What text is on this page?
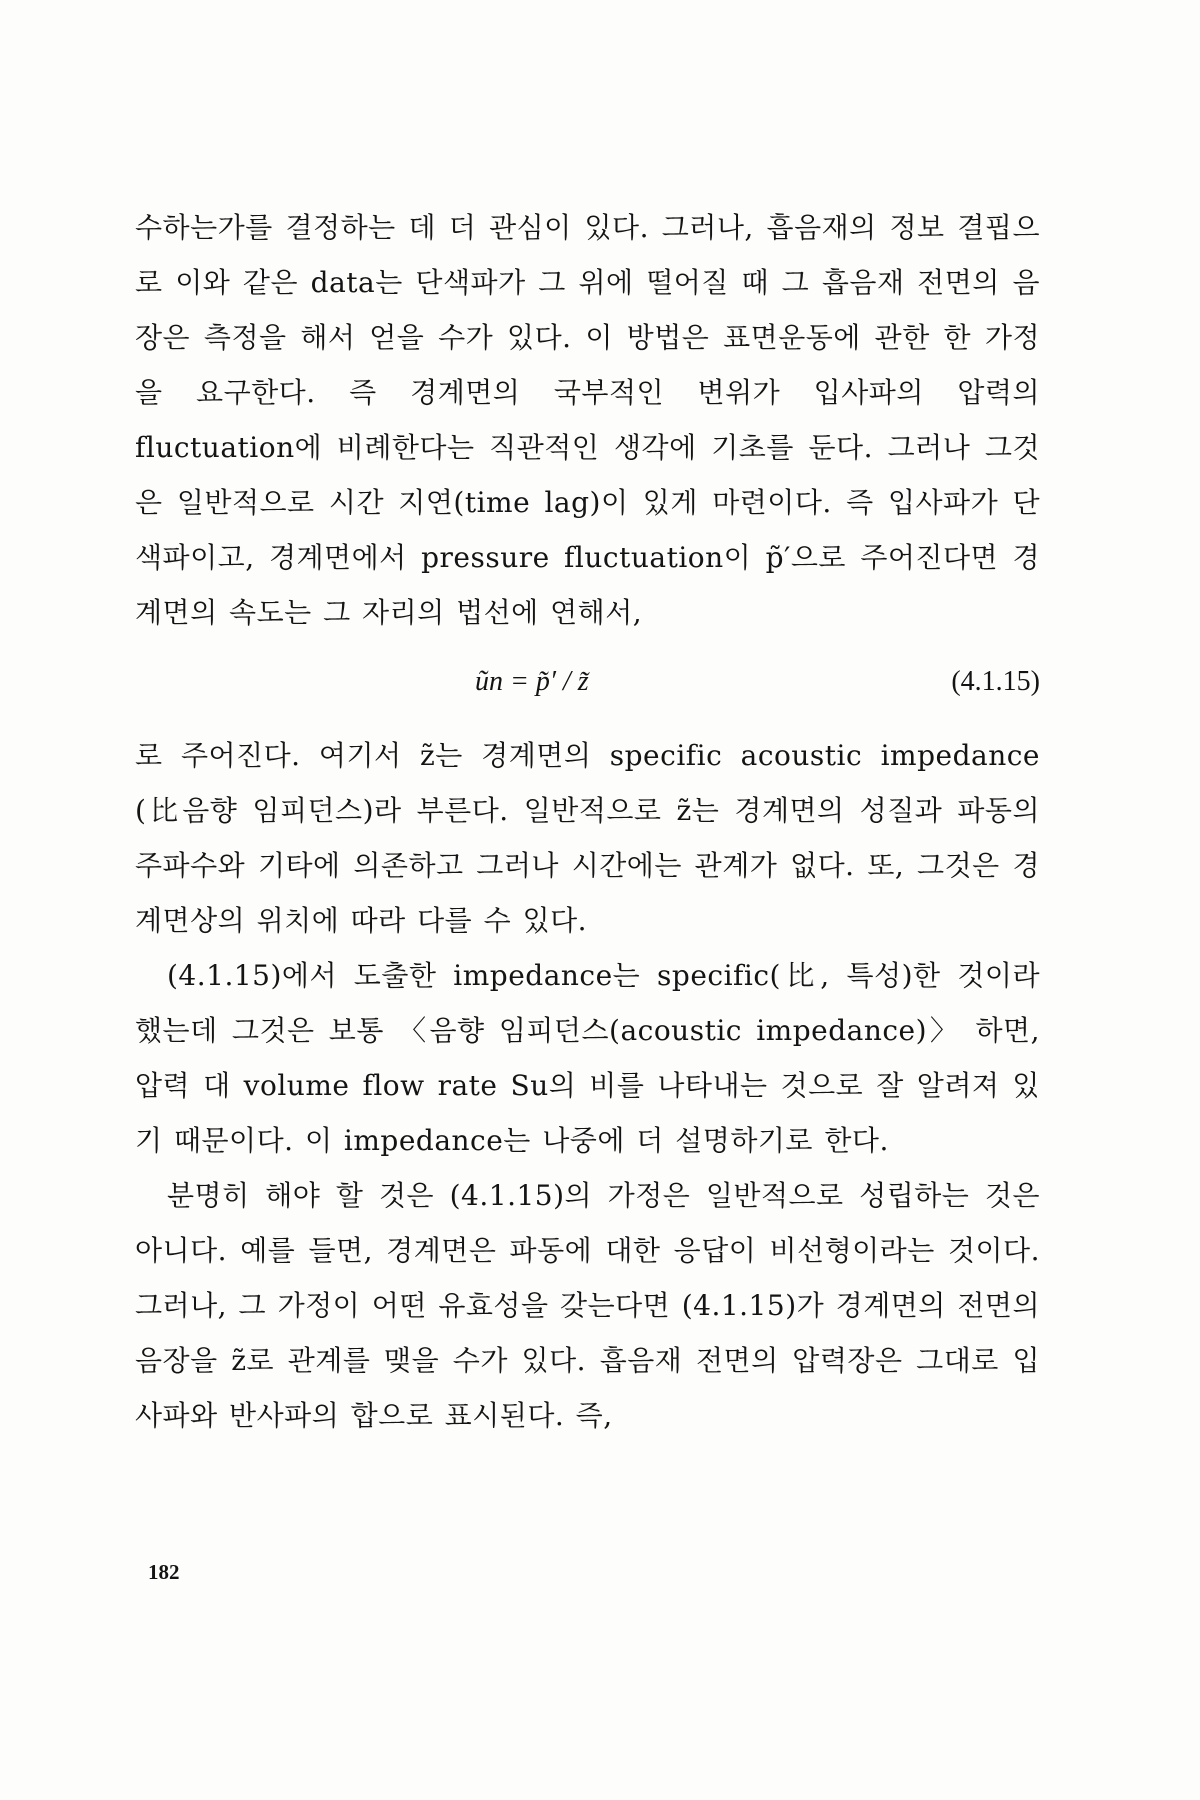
수하는가를 결정하는 데 더 관심이 있다. 그러나, 흡음재의 정보 결핍으로 이와 같은 data는 단색파가 그 위에 떨어질 때 그 흡음재 전면의 음장은 측정을 해서 얻을 수가 있다. 이 방법은 표면운동에 관한 한 가정을 요구한다. 즉 경계면의 국부적인 변위가 입사파의 압력의 fluctuation에 비례한다는 직관적인 생각에 기초를 둔다. 그러나 그것은 일반적으로 시간 지연(time lag)이 있게 마련이다. 즉 입사파가 단색파이고, 경계면에서 pressure fluctuation이 p̃′으로 주어진다면 경계면의 속도는 그 자리의 법선에 연해서,

ũn = p̃′ / z̃	(4.1.15)

로 주어진다. 여기서 z̃는 경계면의 specific acoustic impedance (比음향 임피던스)라 부른다. 일반적으로 z̃는 경계면의 성질과 파동의 주파수와 기타에 의존하고 그러나 시간에는 관계가 없다. 또, 그것은 경계면상의 위치에 따라 다를 수 있다.

(4.1.15)에서 도출한 impedance는 specific(比, 특성)한 것이라 했는데 그것은 보통 〈음향 임피던스(acoustic impedance)〉 하면, 압력 대 volume flow rate Su의 비를 나타내는 것으로 잘 알려져 있기 때문이다. 이 impedance는 나중에 더 설명하기로 한다.

분명히 해야 할 것은 (4.1.15)의 가정은 일반적으로 성립하는 것은 아니다. 예를 들면, 경계면은 파동에 대한 응답이 비선형이라는 것이다. 그러나, 그 가정이 어떤 유효성을 갖는다면 (4.1.15)가 경계면의 전면의 음장을 z̃로 관계를 맺을 수가 있다. 흡음재 전면의 압력장은 그대로 입사파와 반사파의 합으로 표시된다. 즉,

182
